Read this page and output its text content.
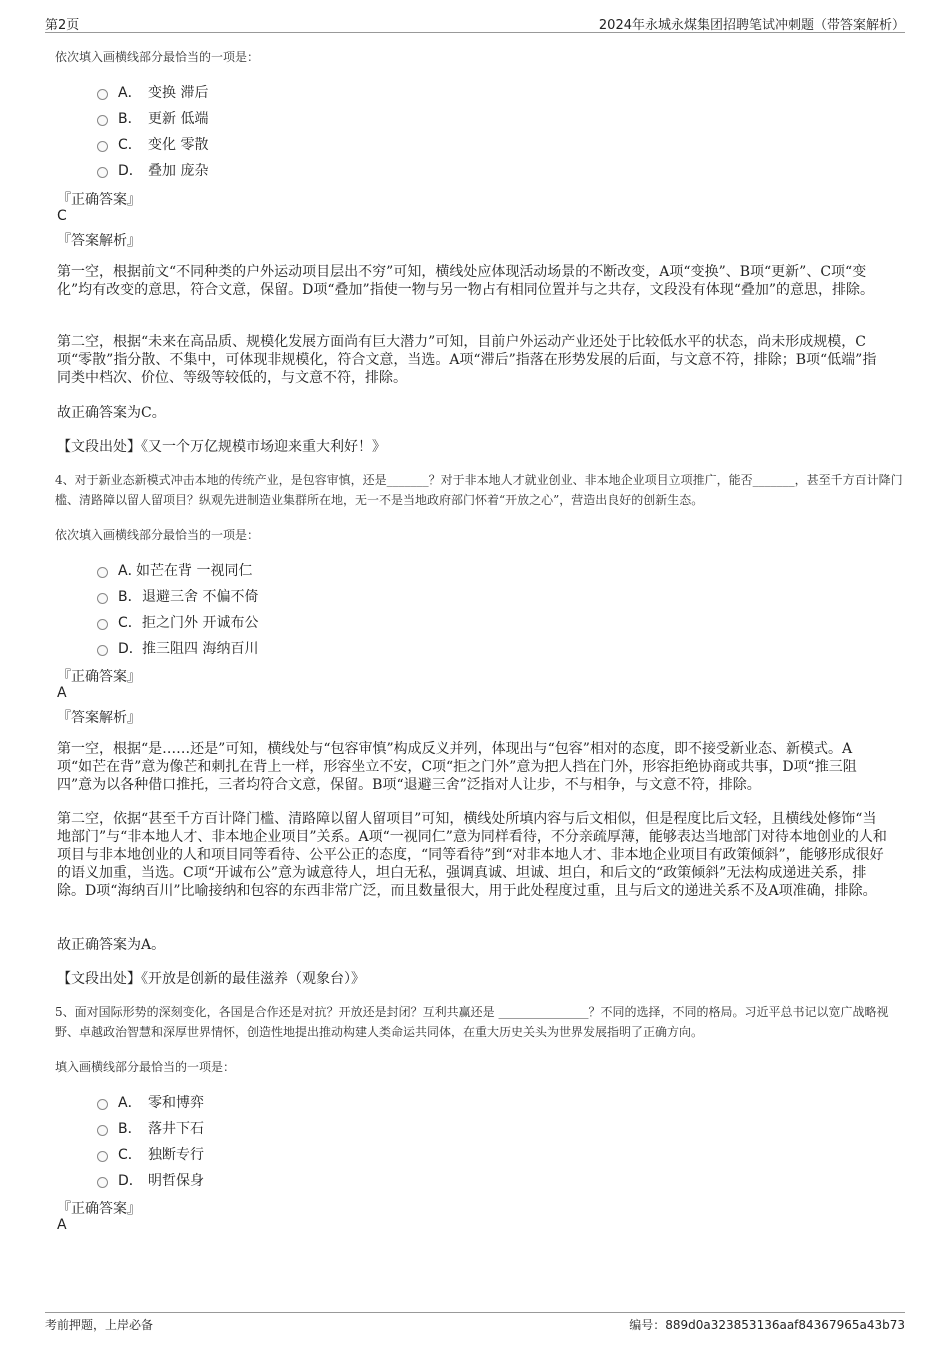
第2页	2024年永城永煤集团招聘笔试冲刺题（带答案解析）
依次填入画横线部分最恰当的一项是：
A． 变换 滞后
B． 更新 低端
C． 变化 零散
D． 叠加 庞杂
『正确答案』
C
『答案解析』
第一空，根据前文“不同种类的户外运动项目层出不穷”可知，横线处应体现活动场景的不断改变，A项“变换”、B项“更新”、C项“变化”均有改变的意思，符合文意，保留。D项“叠加”指使一物与另一物占有相同位置并与之共存，文段没有体现“叠加”的意思，排除。
第二空，根据“未来在高品质、规模化发展方面尚有巨大潜力”可知，目前户外运动产业还处于比较低水平的状态，尚未形成规模，C项“零散”指分散、不集中，可体现非规模化，符合文意，当选。A项“滞后”指落在形势发展的后面，与文意不符，排除；B项“低端”指同类中档次、价位、等级等较低的，与文意不符，排除。
故正确答案为C。
【文段出处】《又一个万亿规模市场迎来重大利好！》
4、对于新业态新模式冲击本地的传统产业，是包容审慎，还是_______？对于非本地人才就业创业、非本地企业项目立项推广，能否_______，甚至千方百计降门槛、清路障以留人留项目？纵观先进制造业集群所在地，无一不是当地政府部门怀着“开放之心”，营造出良好的创新生态。
依次填入画横线部分最恰当的一项是：
A．
如芒在背 一视同仁
B． 退避三舍 不偏不倚
C． 拒之门外 开诚布公
D． 推三阻四 海纳百川
『正确答案』
A
『答案解析』
第一空，根据“是……还是”可知，横线处与“包容审慎”构成反义并列，体现出与“包容”相对的态度，即不接受新业态、新模式。A项“如芒在背”意为像芒和刺扎在背上一样，形容坐立不安，C项“拒之门外”意为把人挡在门外，形容拒绝协商或共事，D项“推三阻四”意为以各种借口推托，三者均符合文意，保留。B项“退避三舍”泛指对人让步，不与相争，与文意不符，排除。
第二空，依据“甚至千方百计降门槛、清路障以留人留项目”可知，横线处所填内容与后文相似，但是程度比后文轻，且横线处修饰“当地部门”与“非本地人才、非本地企业项目”关系。A项“一视同仁”意为同样看待，不分亲疏厚薄，能够表达当地部门对待本地创业的人和项目与非本地创业的人和项目同等看待、公平公正的态度，“同等看待”到“对非本地人才、非本地企业项目有政策倾斜”，能够形成很好的语义加重，当选。C项“开诚布公”意为诚意待人，坦白无私，强调真诚、坦诚、坦白，和后文的“政策倾斜”无法构成递进关系，排除。D项“海纳百川”比喻接纳和包容的东西非常广泛，而且数量很大，用于此处程度过重，且与后文的递进关系不及A项准确，排除。
故正确答案为A。
【文段出处】《开放是创新的最佳滋养（观象台）》
5、面对国际形势的深刻变化，各国是合作还是对抗？开放还是封闭？互利共赢还是 _______________？不同的选择，不同的格局。习近平总书记以宽广战略视野、卓越政治智慧和深厚世界情怀，创造性地提出推动构建人类命运共同体，在重大历史关头为世界发展指明了正确方向。
填入画横线部分最恰当的一项是：
A． 零和博弈
B． 落井下石
C． 独断专行
D． 明哲保身
『正确答案』
A
考前押题，上岸必备	编号：889d0a323853136aaf84367965a43b73
